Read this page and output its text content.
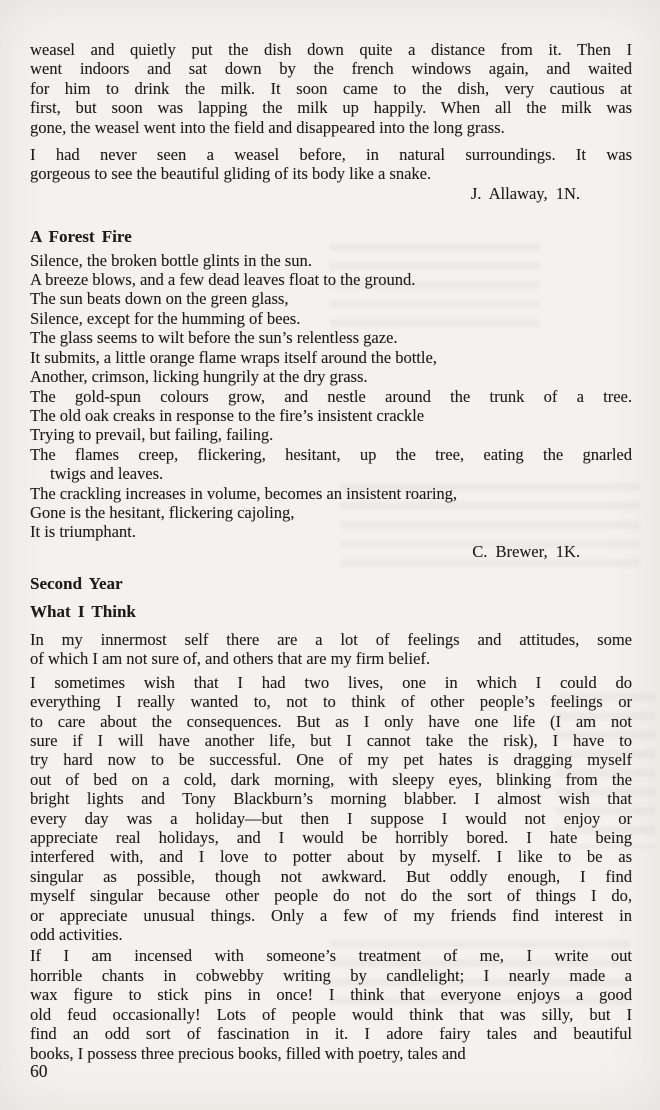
weasel and quietly put the dish down quite a distance from it. Then I
went indoors and sat down by the french windows again, and waited
for him to drink the milk. It soon came to the dish, very cautious at
first, but soon was lapping the milk up happily. When all the milk was
gone, the weasel went into the field and disappeared into the long grass.
I had never seen a weasel before, in natural surroundings. It was
gorgeous to see the beautiful gliding of its body like a snake.
J. Allaway, 1N.
A Forest Fire
Silence, the broken bottle glints in the sun.
A breeze blows, and a few dead leaves float to the ground.
The sun beats down on the green glass,
Silence, except for the humming of bees.
The glass seems to wilt before the sun’s relentless gaze.
It submits, a little orange flame wraps itself around the bottle,
Another, crimson, licking hungrily at the dry grass.
The gold-spun colours grow, and nestle around the trunk of a tree.
The old oak creaks in response to the fire’s insistent crackle
Trying to prevail, but failing, failing.
The flames creep, flickering, hesitant, up the tree, eating the gnarled
twigs and leaves.
The crackling increases in volume, becomes an insistent roaring,
Gone is the hesitant, flickering cajoling,
It is triumphant.
C. Brewer, 1K.
Second Year
What I Think
In my innermost self there are a lot of feelings and attitudes, some
of which I am not sure of, and others that are my firm belief.
I sometimes wish that I had two lives, one in which I could do
everything I really wanted to, not to think of other people’s feelings or
to care about the consequences. But as I only have one life (I am not
sure if I will have another life, but I cannot take the risk), I have to
try hard now to be successful. One of my pet hates is dragging myself
out of bed on a cold, dark morning, with sleepy eyes, blinking from the
bright lights and Tony Blackburn’s morning blabber. I almost wish that
every day was a holiday—but then I suppose I would not enjoy or
appreciate real holidays, and I would be horribly bored. I hate being
interfered with, and I love to potter about by myself. I like to be as
singular as possible, though not awkward. But oddly enough, I find
myself singular because other people do not do the sort of things I do,
or appreciate unusual things. Only a few of my friends find interest in
odd activities.
If I am incensed with someone’s treatment of me, I write out
horrible chants in cobwebby writing by candlelight; I nearly made a
wax figure to stick pins in once! I think that everyone enjoys a good
old feud occasionally! Lots of people would think that was silly, but I
find an odd sort of fascination in it. I adore fairy tales and beautiful
books, I possess three precious books, filled with poetry, tales and
60
